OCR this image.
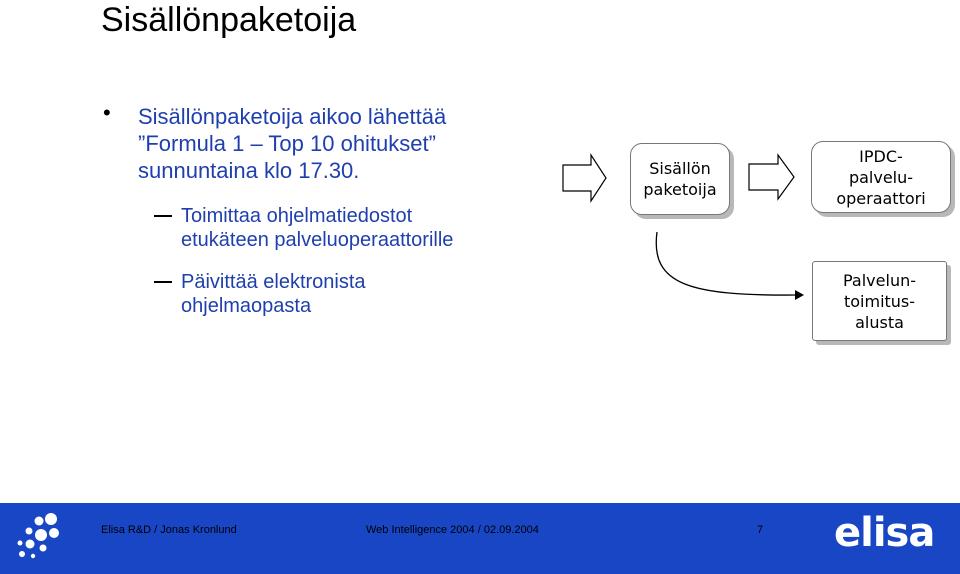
Sisällönpaketoija
• Sisällönpaketoija aikoo lähettää
”Formula 1 – Top 10 ohitukset”
sunnuntaina klo 17.30.
Toimittaa ohjelmatiedostot
etukäteen palveluoperaattorille
Päivittää elektronista
ohjelmaopasta
Sisällön
paketoija
IPDC-
palvelu-
operaattori
Palvelun-
toimitus-
alusta
Elisa R&D / Jonas Kronlund	Web Intelligence 2004 / 02.09.2004	7 elisa
